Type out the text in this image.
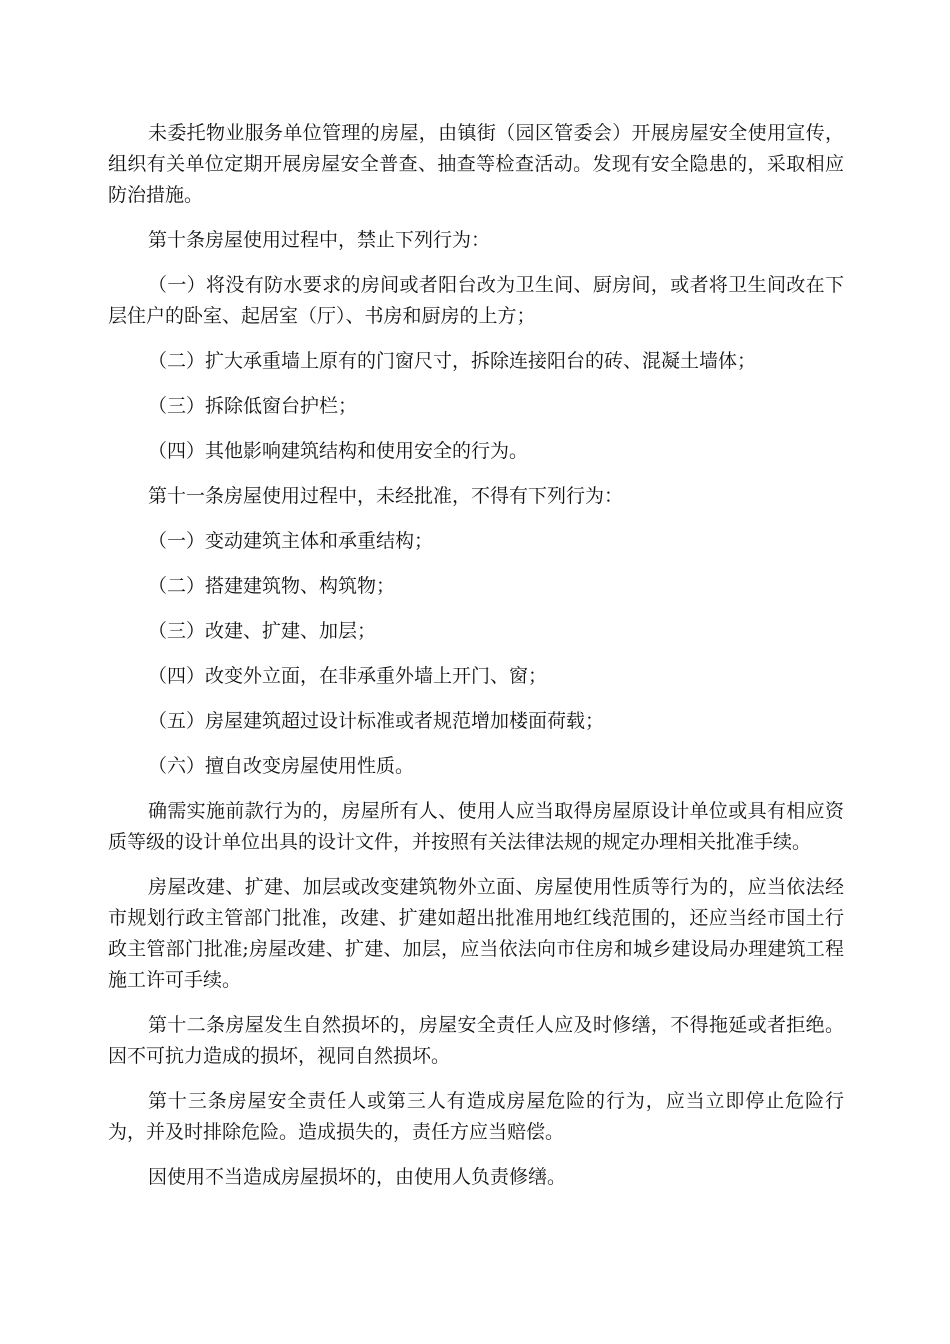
未委托物业服务单位管理的房屋，由镇街（园区管委会）开展房屋安全使用宣传，组织有关单位定期开展房屋安全普查、抽查等检查活动。发现有安全隐患的，采取相应防治措施。

第十条房屋使用过程中，禁止下列行为：

（一）将没有防水要求的房间或者阳台改为卫生间、厨房间，或者将卫生间改在下层住户的卧室、起居室（厅）、书房和厨房的上方；

（二）扩大承重墙上原有的门窗尺寸，拆除连接阳台的砖、混凝土墙体；

（三）拆除低窗台护栏；

（四）其他影响建筑结构和使用安全的行为。

第十一条房屋使用过程中，未经批准，不得有下列行为：

（一）变动建筑主体和承重结构；

（二）搭建建筑物、构筑物；

（三）改建、扩建、加层；

（四）改变外立面，在非承重外墙上开门、窗；

（五）房屋建筑超过设计标准或者规范增加楼面荷载；

（六）擅自改变房屋使用性质。

确需实施前款行为的，房屋所有人、使用人应当取得房屋原设计单位或具有相应资质等级的设计单位出具的设计文件，并按照有关法律法规的规定办理相关批准手续。

房屋改建、扩建、加层或改变建筑物外立面、房屋使用性质等行为的，应当依法经市规划行政主管部门批准，改建、扩建如超出批准用地红线范围的，还应当经市国土行政主管部门批准;房屋改建、扩建、加层，应当依法向市住房和城乡建设局办理建筑工程施工许可手续。

第十二条房屋发生自然损坏的，房屋安全责任人应及时修缮，不得拖延或者拒绝。因不可抗力造成的损坏，视同自然损坏。

第十三条房屋安全责任人或第三人有造成房屋危险的行为，应当立即停止危险行为，并及时排除危险。造成损失的，责任方应当赔偿。

因使用不当造成房屋损坏的，由使用人负责修缮。
